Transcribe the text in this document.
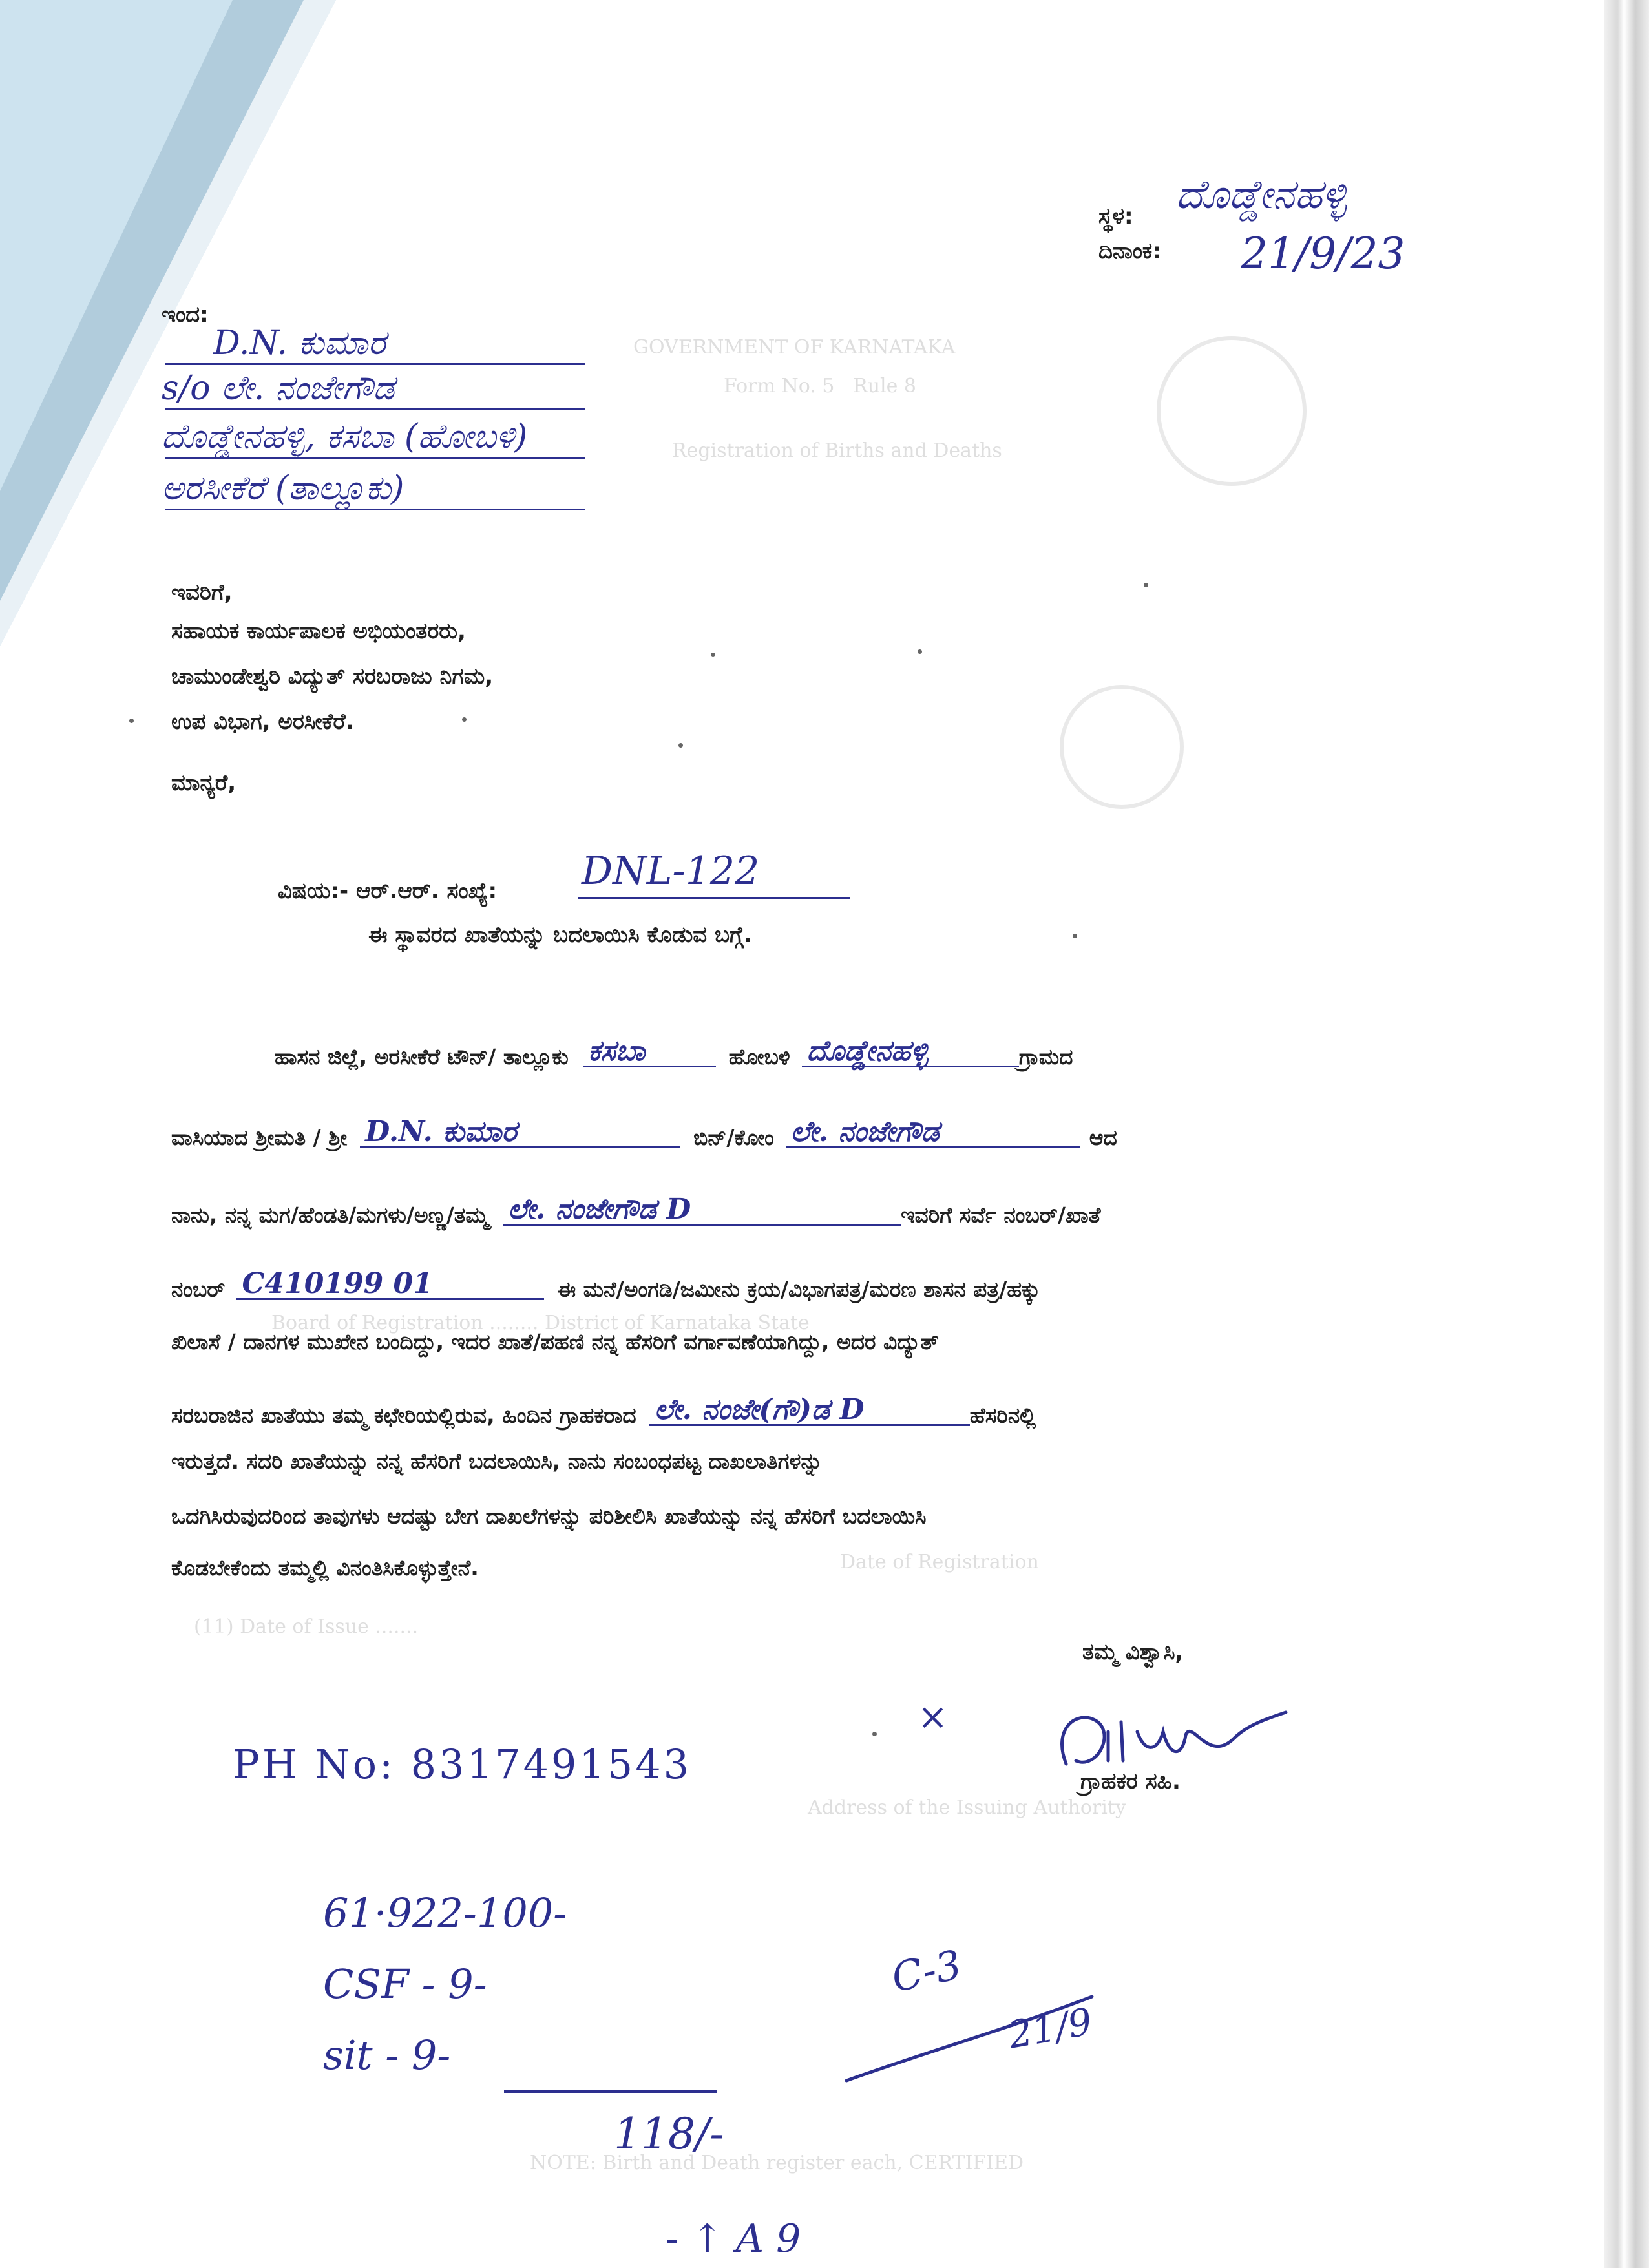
GOVERNMENT OF KARNATAKA
Form No. 5   Rule 8
Registration of Births and Deaths
Board of Registration ........ District of Karnataka State
Date of Registration
(11) Date of Issue .......
Address of the Issuing Authority
NOTE: Birth and Death register each, CERTIFIED
ಸ್ಥಳ: ದೊಡ್ಡೇನಹಳ್ಳಿ
ದಿನಾಂಕ: 21/9/23
ಇಂದ:
D.N. ಕುಮಾರ
s/o ಲೇ. ನಂಜೇಗೌಡ
ದೊಡ್ಡೇನಹಳ್ಳಿ, ಕಸಬಾ (ಹೋಬಳಿ)
ಅರಸೀಕೆರೆ (ತಾಲ್ಲೂಕು)
ಇವರಿಗೆ,
ಸಹಾಯಕ ಕಾರ್ಯಪಾಲಕ ಅಭಿಯಂತರರು,
ಚಾಮುಂಡೇಶ್ವರಿ ವಿದ್ಯುತ್ ಸರಬರಾಜು ನಿಗಮ,
ಉಪ ವಿಭಾಗ, ಅರಸೀಕೆರೆ.
ಮಾನ್ಯರೆ,
ವಿಷಯ:- ಆರ್.ಆರ್. ಸಂಖ್ಯೆ: DNL-122
ಈ ಸ್ಥಾವರದ ಖಾತೆಯನ್ನು ಬದಲಾಯಿಸಿ ಕೊಡುವ ಬಗ್ಗೆ.
ಹಾಸನ ಜಿಲ್ಲೆ, ಅರಸೀಕೆರೆ ಟೌನ್/ ತಾಲ್ಲೂಕು ಕಸಬಾ	ಹೋಬಳಿ ದೊಡ್ಡೇನಹಳ್ಳಿ	ಗ್ರಾಮದ
ವಾಸಿಯಾದ ಶ್ರೀಮತಿ / ಶ್ರೀ D.N. ಕುಮಾರ	ಬಿನ್/ಕೋಂ ಲೇ. ನಂಜೇಗೌಡ	ಆದ
ನಾನು, ನನ್ನ ಮಗ/ಹೆಂಡತಿ/ಮಗಳು/ಅಣ್ಣ/ತಮ್ಮ ಲೇ. ನಂಜೇಗೌಡ D	ಇವರಿಗೆ ಸರ್ವೆ ನಂಬರ್/ಖಾತೆ
ನಂಬರ್ C410199 01	ಈ ಮನೆ/ಅಂಗಡಿ/ಜಮೀನು ಕ್ರಯ/ವಿಭಾಗಪತ್ರ/ಮರಣ ಶಾಸನ ಪತ್ರ/ಹಕ್ಕು
ಖಿಲಾಸೆ / ದಾನಗಳ ಮುಖೇನ ಬಂದಿದ್ದು, ಇದರ ಖಾತೆ/ಪಹಣಿ ನನ್ನ ಹೆಸರಿಗೆ ವರ್ಗಾವಣೆಯಾಗಿದ್ದು, ಅದರ ವಿದ್ಯುತ್
ಸರಬರಾಜಿನ ಖಾತೆಯು ತಮ್ಮ ಕಛೇರಿಯಲ್ಲಿರುವ, ಹಿಂದಿನ ಗ್ರಾಹಕರಾದ ಲೇ. ನಂಜೇ(ಗೌ)ಡ D	ಹೆಸರಿನಲ್ಲಿ
ಇರುತ್ತದೆ. ಸದರಿ ಖಾತೆಯನ್ನು ನನ್ನ ಹೆಸರಿಗೆ ಬದಲಾಯಿಸಿ, ನಾನು ಸಂಬಂಧಪಟ್ಟ ದಾಖಲಾತಿಗಳನ್ನು
ಒದಗಿಸಿರುವುದರಿಂದ ತಾವುಗಳು ಆದಷ್ಟು ಬೇಗ ದಾಖಲೆಗಳನ್ನು ಪರಿಶೀಲಿಸಿ ಖಾತೆಯನ್ನು ನನ್ನ ಹೆಸರಿಗೆ ಬದಲಾಯಿಸಿ
ಕೊಡಬೇಕೆಂದು ತಮ್ಮಲ್ಲಿ ವಿನಂತಿಸಿಕೊಳ್ಳುತ್ತೇನೆ.
ತಮ್ಮ ವಿಶ್ವಾಸಿ,
×
ಗ್ರಾಹಕರ ಸಹಿ.
PH No: 8317491543
61·922-100-
CSF - 9-
sit - 9-
118/-
- ↑ A 9
C-3
21/9
